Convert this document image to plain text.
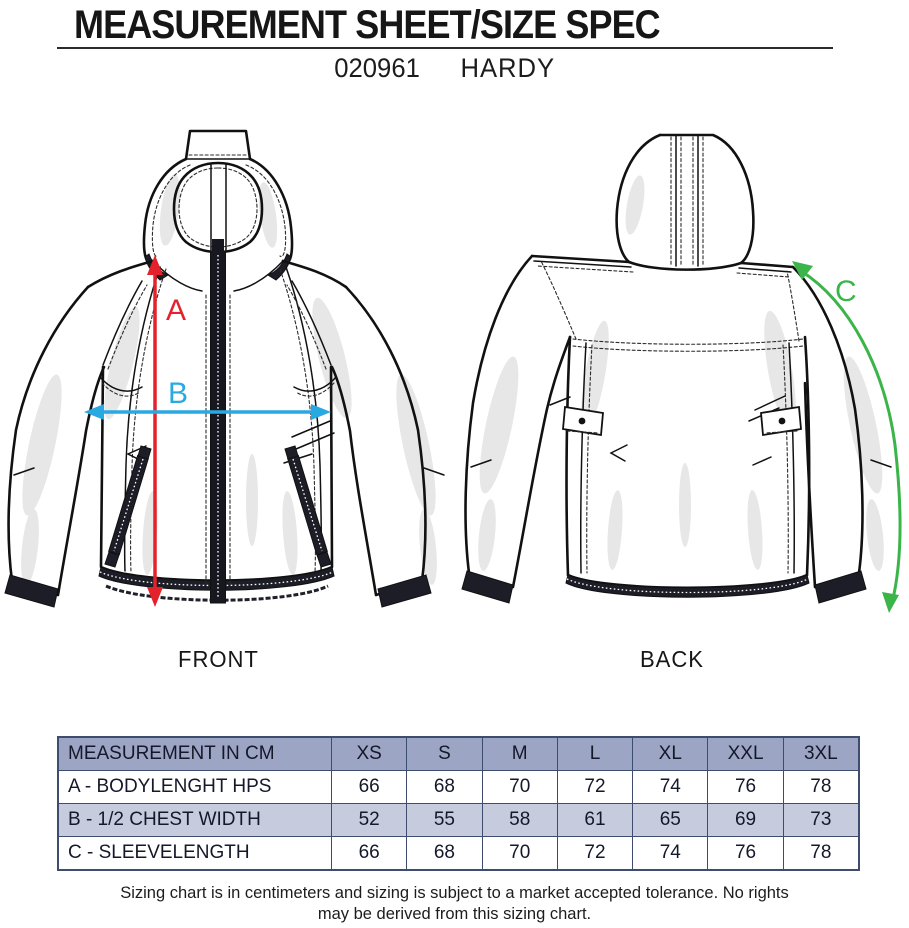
MEASUREMENT SHEET/SIZE SPEC
020961 HARDY
A
B
C
FRONT	BACK
MEASUREMENT IN CM	XS	S	M	L	XL	XXL	3XL
A - BODYLENGHT HPS	66	68	70	72	74	76	78
B - 1/2 CHEST WIDTH	52	55	58	61	65	69	73
C - SLEEVELENGTH	66	68	70	72	74	76	78
Sizing chart is in centimeters and sizing is subject to a market accepted tolerance. No rights
may be derived from this sizing chart.
